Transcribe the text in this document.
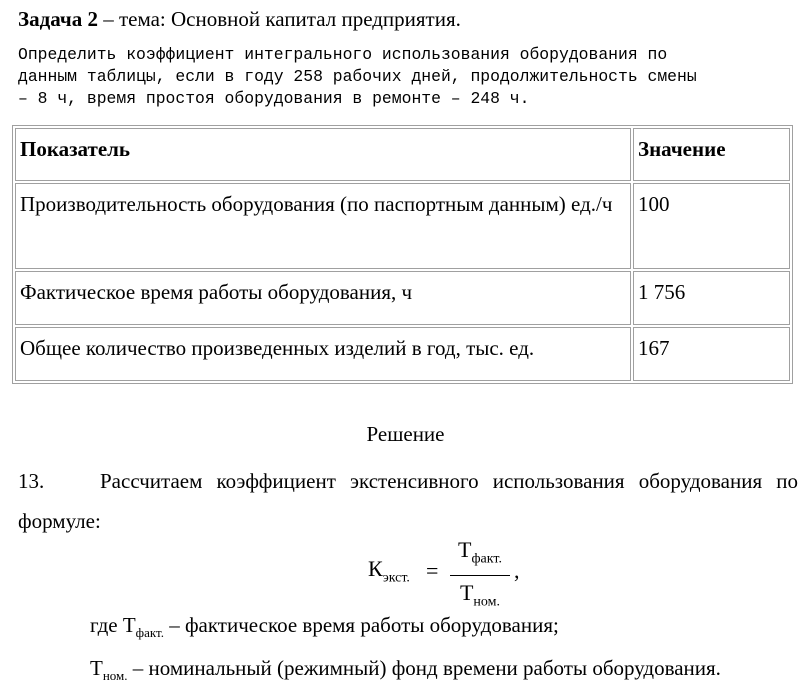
Задача 2 – тема: Основной капитал предприятия.
Определить коэффициент интегрального использования оборудования по
данным таблицы, если в году 258 рабочих дней, продолжительность смены
– 8 ч, время простоя оборудования в ремонте – 248 ч.
Показатель	Значение
Производительность оборудования (по паспортным данным) ед./ч	100
Фактическое время работы оборудования, ч	1 756
Общее количество произведенных изделий в год, тыс. ед.	167
Решение
13.	Рассчитаем коэффициент экстенсивного использования оборудования по формуле:
$К_{экст.}$ =
$Т_{факт.}$
$Т_{ном.}$
,
где $Т_{факт.}$ – фактическое время работы оборудования;
$Т_{ном.}$ – номинальный (режимный) фонд времени работы оборудования.
